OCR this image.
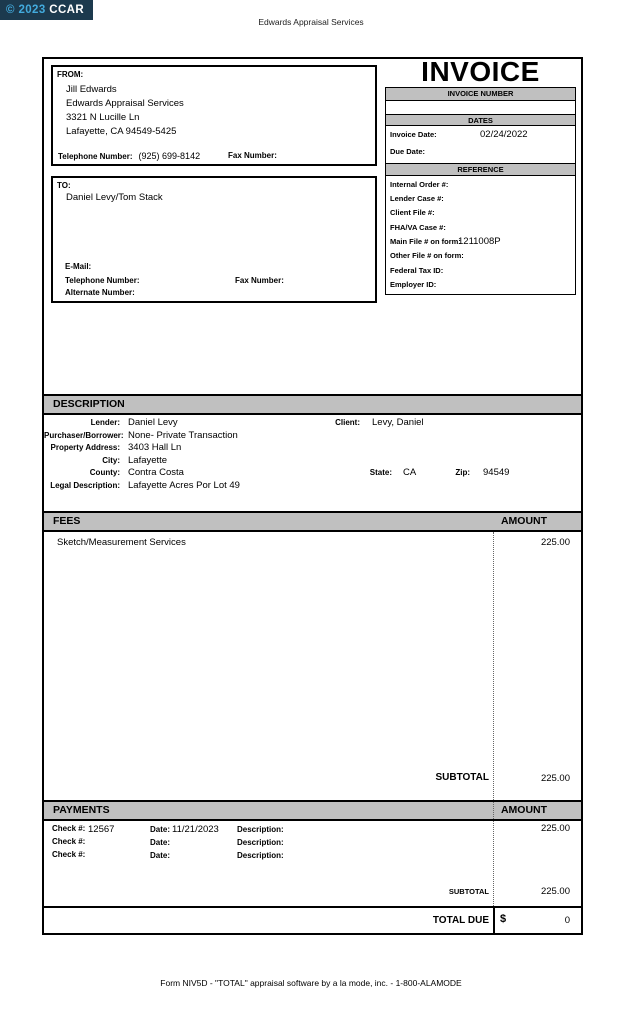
© 2023 CCAR
Edwards Appraisal Services
FROM:
Jill Edwards
Edwards Appraisal Services
3321 N Lucille Ln
Lafayette, CA 94549-5425
Telephone Number: (925) 699-8142	Fax Number:
TO:
Daniel Levy/Tom Stack
E-Mail:
Telephone Number:	Fax Number:
Alternate Number:
INVOICE
INVOICE NUMBER
DATES
Invoice Date:	02/24/2022
Due Date:
REFERENCE
Internal Order #:
Lender Case #:
Client File #:
FHA/VA Case #:
Main File # on form:
1211008P
Other File # on form:
Federal Tax ID:
Employer ID:
DESCRIPTION
Lender: Daniel Levy	Client: Levy, Daniel
Purchaser/Borrower: None- Private Transaction
Property Address: 3403 Hall Ln
City: Lafayette
County: Contra Costa	State: CA	Zip: 94549
Legal Description: Lafayette Acres Por Lot 49
FEES	AMOUNT
Sketch/Measurement Services	225.00
SUBTOTAL	225.00
PAYMENTS	AMOUNT
Check #: 12567	Date: 11/21/2023 Description:
Check #:	Date:	Description:
Check #:	Date:	Description:
225.00
SUBTOTAL	225.00
TOTAL DUE $	0
Form NIV5D - "TOTAL" appraisal software by a la mode, inc. - 1-800-ALAMODE
